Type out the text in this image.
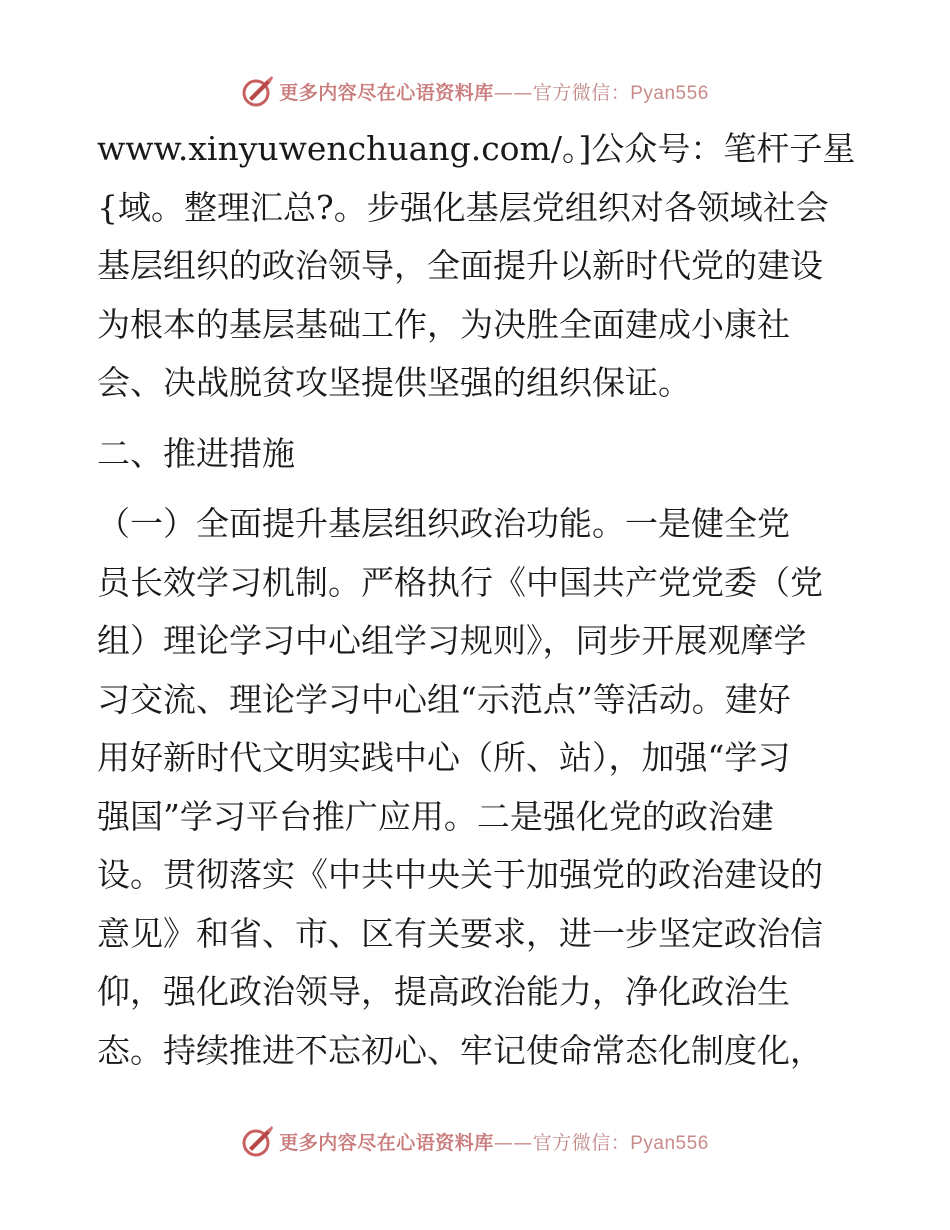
更多内容尽在心语资料库——官方微信：Pyan556
www.xinyuwenchuang.com/。]公众号：笔杆子星
{域。整理汇总?。步强化基层党组织对各领域社会
基层组织的政治领导，全面提升以新时代党的建设
为根本的基层基础工作，为决胜全面建成小康社
会、决战脱贫攻坚提供坚强的组织保证。
二、推进措施
（一）全面提升基层组织政治功能。一是健全党
员长效学习机制。严格执行《中国共产党党委（党
组）理论学习中心组学习规则》，同步开展观摩学
习交流、理论学习中心组“示范点”等活动。建好
用好新时代文明实践中心（所、站），加强“学习
强国”学习平台推广应用。二是强化党的政治建
设。贯彻落实《中共中央关于加强党的政治建设的
意见》和省、市、区有关要求，进一步坚定政治信
仰，强化政治领导，提高政治能力，净化政治生
态。持续推进不忘初心、牢记使命常态化制度化，
更多内容尽在心语资料库——官方微信：Pyan556
